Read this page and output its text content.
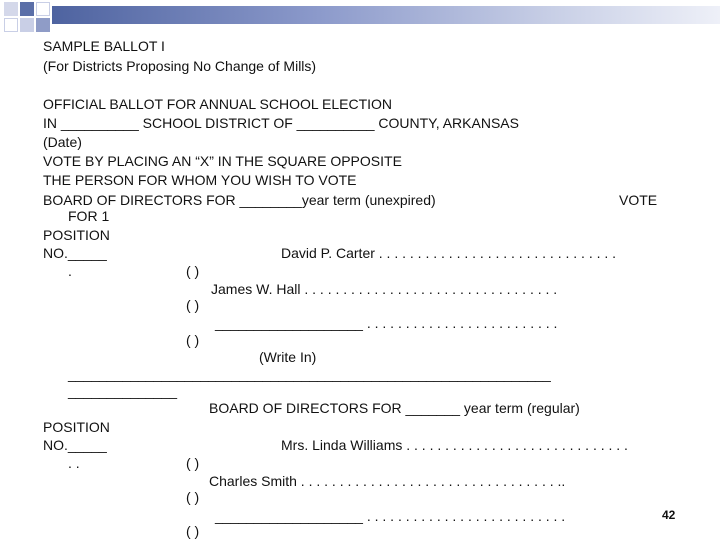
SAMPLE BALLOT I
(For Districts Proposing No Change of Mills)
OFFICIAL BALLOT FOR ANNUAL SCHOOL ELECTION
IN __________ SCHOOL DISTRICT OF __________ COUNTY, ARKANSAS
(Date)
VOTE BY PLACING AN “X” IN THE SQUARE OPPOSITE
THE PERSON FOR WHOM YOU WISH TO VOTE
BOARD OF DIRECTORS FOR ________year term (unexpired)	VOTE
FOR 1
POSITION
NO._____
.
David P. Carter . . . . . . . . . . . . . . . . . . . . . . . . . . . . . . .
( )
James W. Hall . . . . . . . . . . . . . . . . . . . . . . . . . . . . . . . . .
( )
___________________ . . . . . . . . . . . . . . . . . . . . . . . . .
( )
(Write In)
______________________________________________________________
______________
BOARD OF DIRECTORS FOR _______ year term (regular)
POSITION
NO._____
. .
Mrs. Linda Williams . . . . . . . . . . . . . . . . . . . . . . . . . . . . .
( )
Charles Smith . . . . . . . . . . . . . . . . . . . . . . . . . . . . . . . . . ..
( )
___________________ . . . . . . . . . . . . . . . . . . . . . . . . . .
( )
42
